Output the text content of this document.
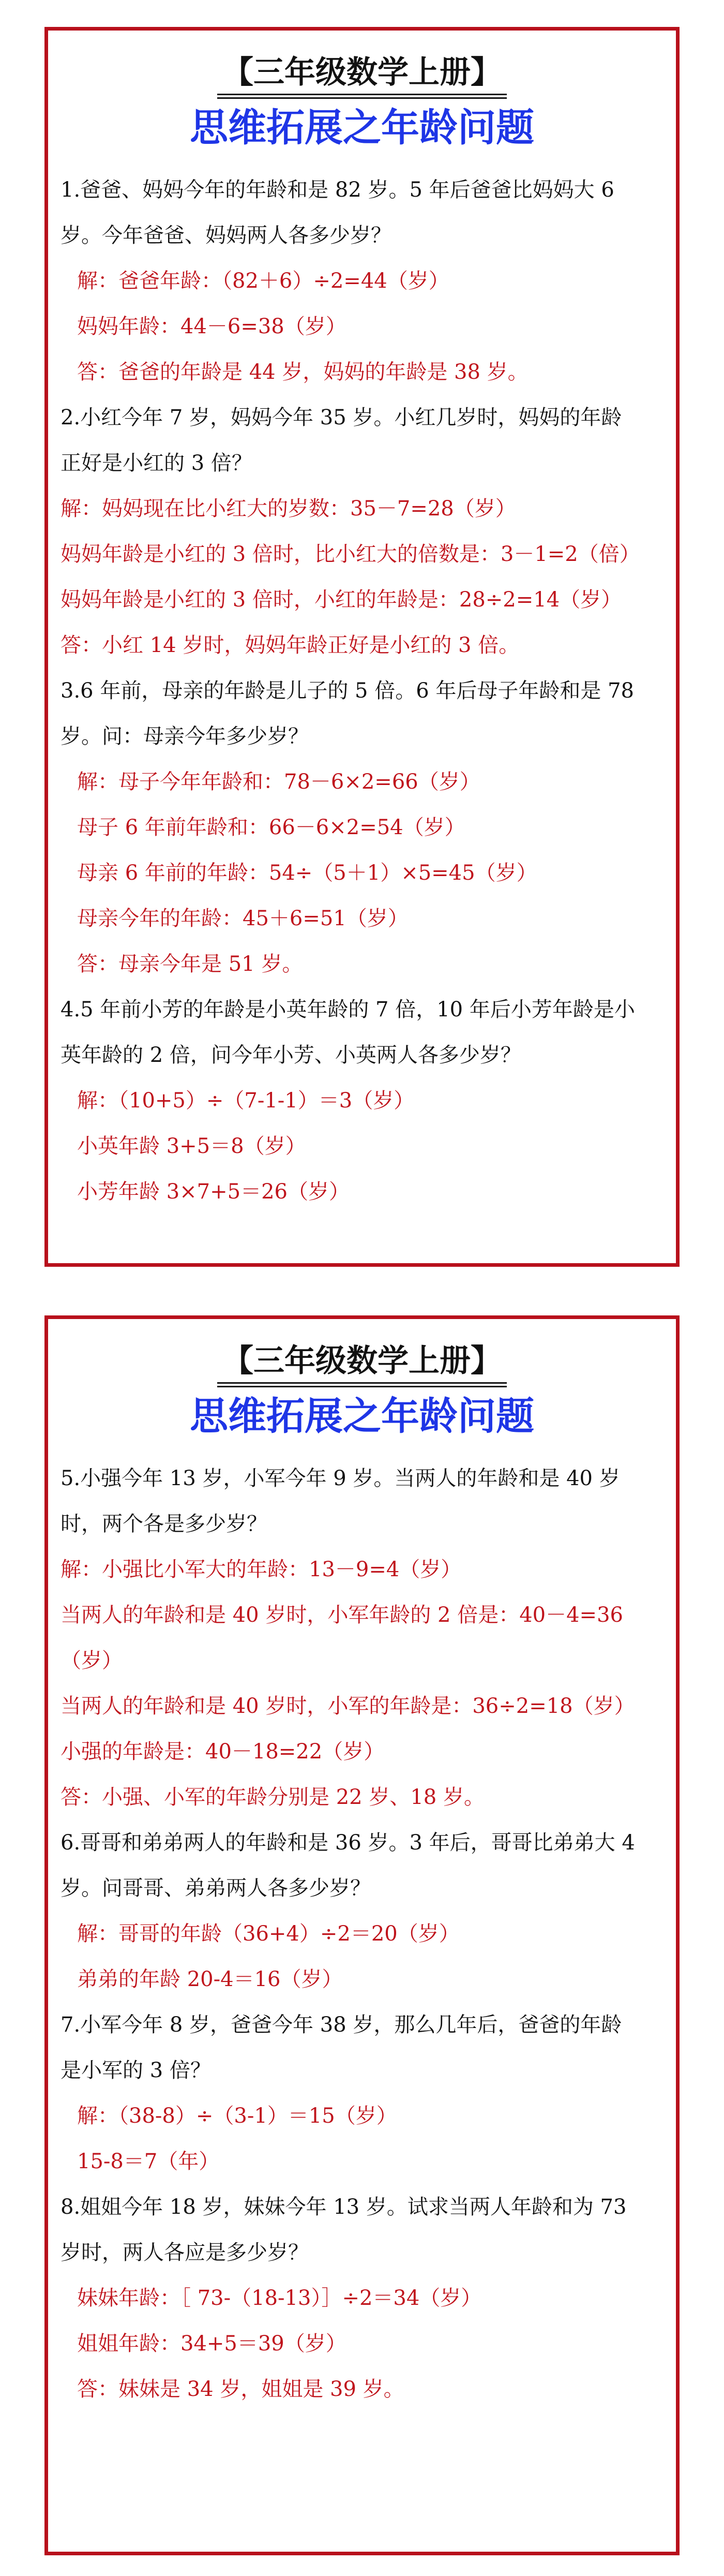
【三年级数学上册】
思维拓展之年龄问题
1.爸爸、妈妈今年的年龄和是 82 岁。5 年后爸爸比妈妈大 6
岁。今年爸爸、妈妈两人各多少岁？
解：爸爸年龄：（82＋6）÷2=44（岁）
妈妈年龄：44－6=38（岁）
答：爸爸的年龄是 44 岁，妈妈的年龄是 38 岁。
2.小红今年 7 岁，妈妈今年 35 岁。小红几岁时，妈妈的年龄
正好是小红的 3 倍？
解：妈妈现在比小红大的岁数：35－7=28（岁）
妈妈年龄是小红的 3 倍时，比小红大的倍数是：3－1=2（倍）
妈妈年龄是小红的 3 倍时，小红的年龄是：28÷2=14（岁）
答：小红 14 岁时，妈妈年龄正好是小红的 3 倍。
3.6 年前，母亲的年龄是儿子的 5 倍。6 年后母子年龄和是 78
岁。问：母亲今年多少岁？
解：母子今年年龄和：78－6×2=66（岁）
母子 6 年前年龄和：66－6×2=54（岁）
母亲 6 年前的年龄：54÷（5＋1）×5=45（岁）
母亲今年的年龄：45＋6=51（岁）
答：母亲今年是 51 岁。
4.5 年前小芳的年龄是小英年龄的 7 倍，10 年后小芳年龄是小
英年龄的 2 倍，问今年小芳、小英两人各多少岁？
解：（10+5）÷（7-1-1）＝3（岁）
小英年龄 3+5＝8（岁）
小芳年龄 3×7+5＝26（岁）
【三年级数学上册】
思维拓展之年龄问题
5.小强今年 13 岁，小军今年 9 岁。当两人的年龄和是 40 岁
时，两个各是多少岁？
解：小强比小军大的年龄：13－9=4（岁）
当两人的年龄和是 40 岁时，小军年龄的 2 倍是：40－4=36
（岁）
当两人的年龄和是 40 岁时，小军的年龄是：36÷2=18（岁）
小强的年龄是：40－18=22（岁）
答：小强、小军的年龄分别是 22 岁、18 岁。
6.哥哥和弟弟两人的年龄和是 36 岁。3 年后，哥哥比弟弟大 4
岁。问哥哥、弟弟两人各多少岁？
解：哥哥的年龄（36+4）÷2＝20（岁）
弟弟的年龄 20-4＝16（岁）
7.小军今年 8 岁，爸爸今年 38 岁，那么几年后，爸爸的年龄
是小军的 3 倍？
解：（38-8）÷（3-1）＝15（岁）
15-8＝7（年）
8.姐姐今年 18 岁，妹妹今年 13 岁。试求当两人年龄和为 73
岁时，两人各应是多少岁？
妹妹年龄：［ 73-（18-13）］÷2＝34（岁）
姐姐年龄：34+5＝39（岁）
答：妹妹是 34 岁，姐姐是 39 岁。
